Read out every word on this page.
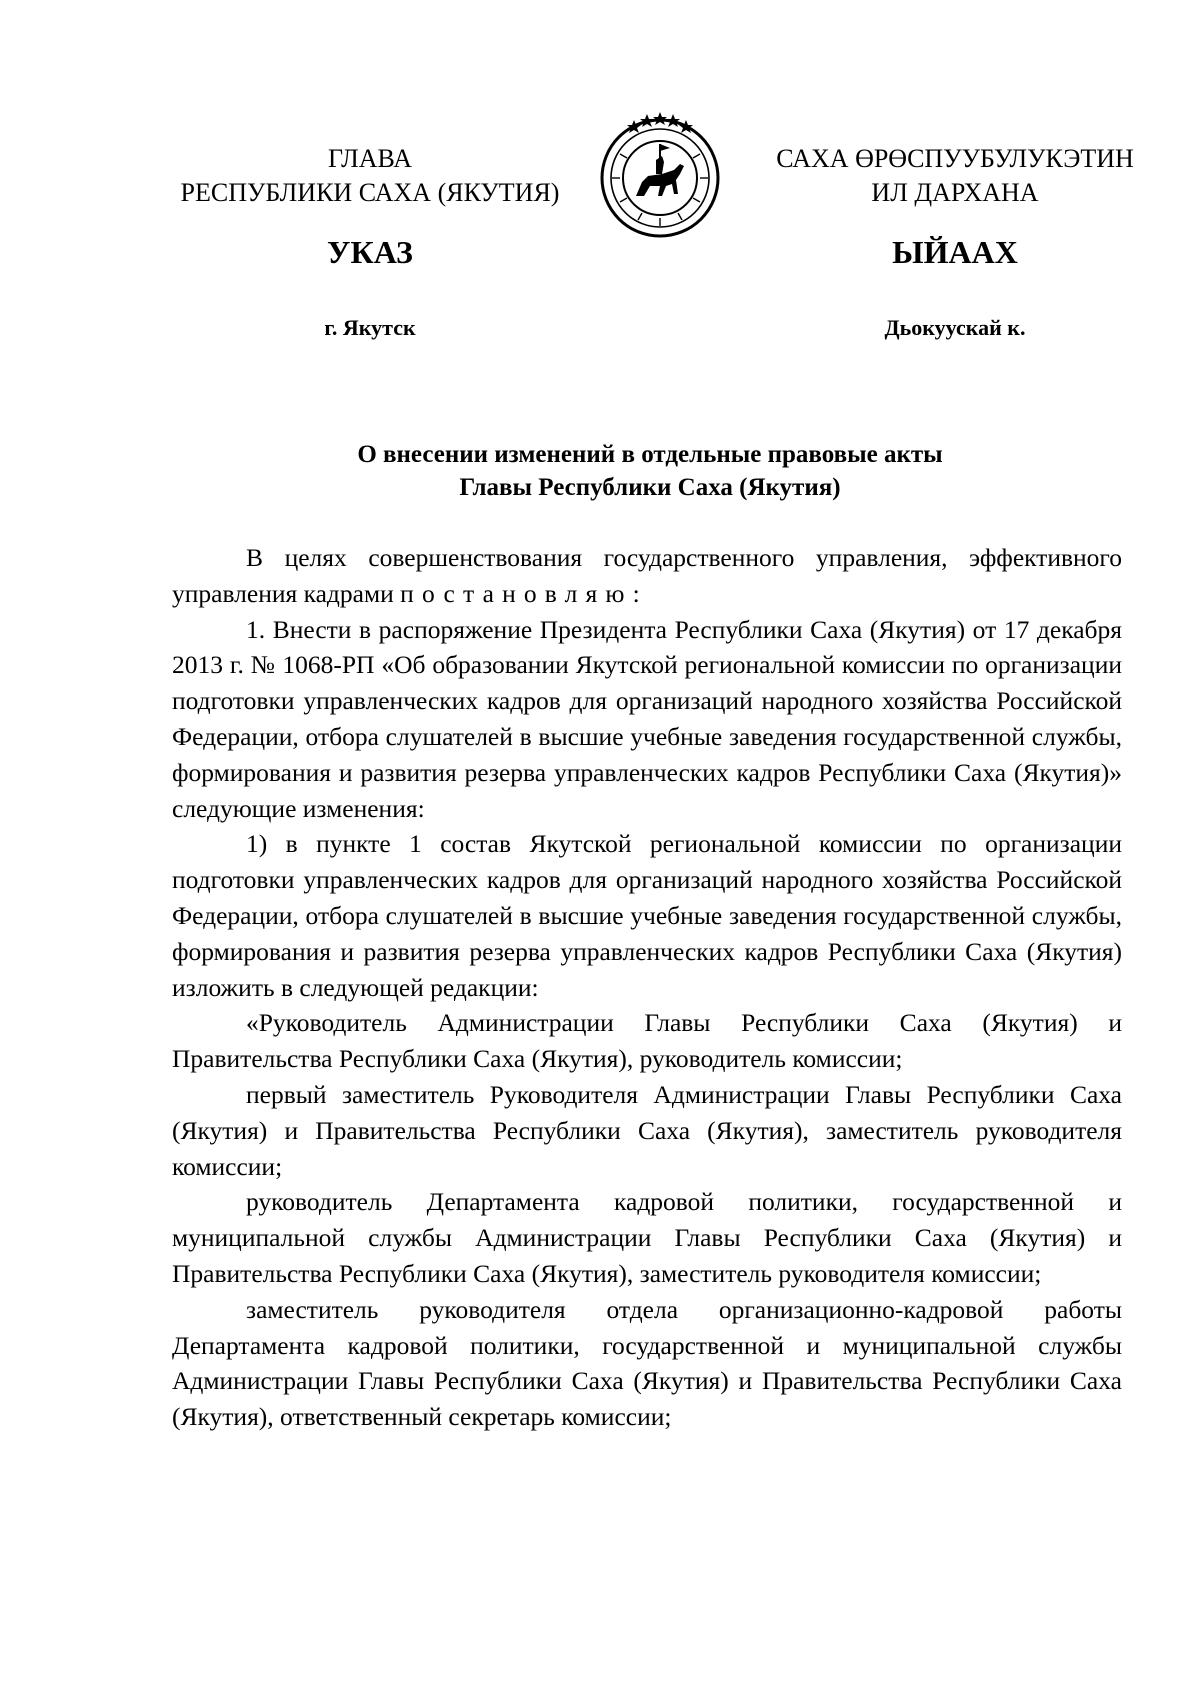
ГЛАВА
РЕСПУБЛИКИ САХА (ЯКУТИЯ)
САХА ӨРӨСПУУБУЛУКЭТИН
ИЛ ДАРХАНА
УКАЗ	ЫЙААХ
г. Якутск	Дьокуускай к.
О внесении изменений в отдельные правовые акты
Главы Республики Саха (Якутия)

В целях совершенствования государственного управления, эффективного управления кадрами постановляю:

1. Внести в распоряжение Президента Республики Саха (Якутия) от 17 декабря 2013 г. № 1068-РП «Об образовании Якутской региональной комиссии по организации подготовки управленческих кадров для организаций народного хозяйства Российской Федерации, отбора слушателей в высшие учебные заведения государственной службы, формирования и развития резерва управленческих кадров Республики Саха (Якутия)» следующие изменения:

1) в пункте 1 состав Якутской региональной комиссии по организации подготовки управленческих кадров для организаций народного хозяйства Российской Федерации, отбора слушателей в высшие учебные заведения государственной службы, формирования и развития резерва управленческих кадров Республики Саха (Якутия) изложить в следующей редакции:

«Руководитель Администрации Главы Республики Саха (Якутия) и Правительства Республики Саха (Якутия), руководитель комиссии;

первый заместитель Руководителя Администрации Главы Республики Саха (Якутия) и Правительства Республики Саха (Якутия), заместитель руководителя комиссии;

руководитель Департамента кадровой политики, государственной и муниципальной службы Администрации Главы Республики Саха (Якутия) и Правительства Республики Саха (Якутия), заместитель руководителя комиссии;

заместитель руководителя отдела организационно-кадровой работы Департамента кадровой политики, государственной и муниципальной службы Администрации Главы Республики Саха (Якутия) и Правительства Республики Саха (Якутия), ответственный секретарь комиссии;
